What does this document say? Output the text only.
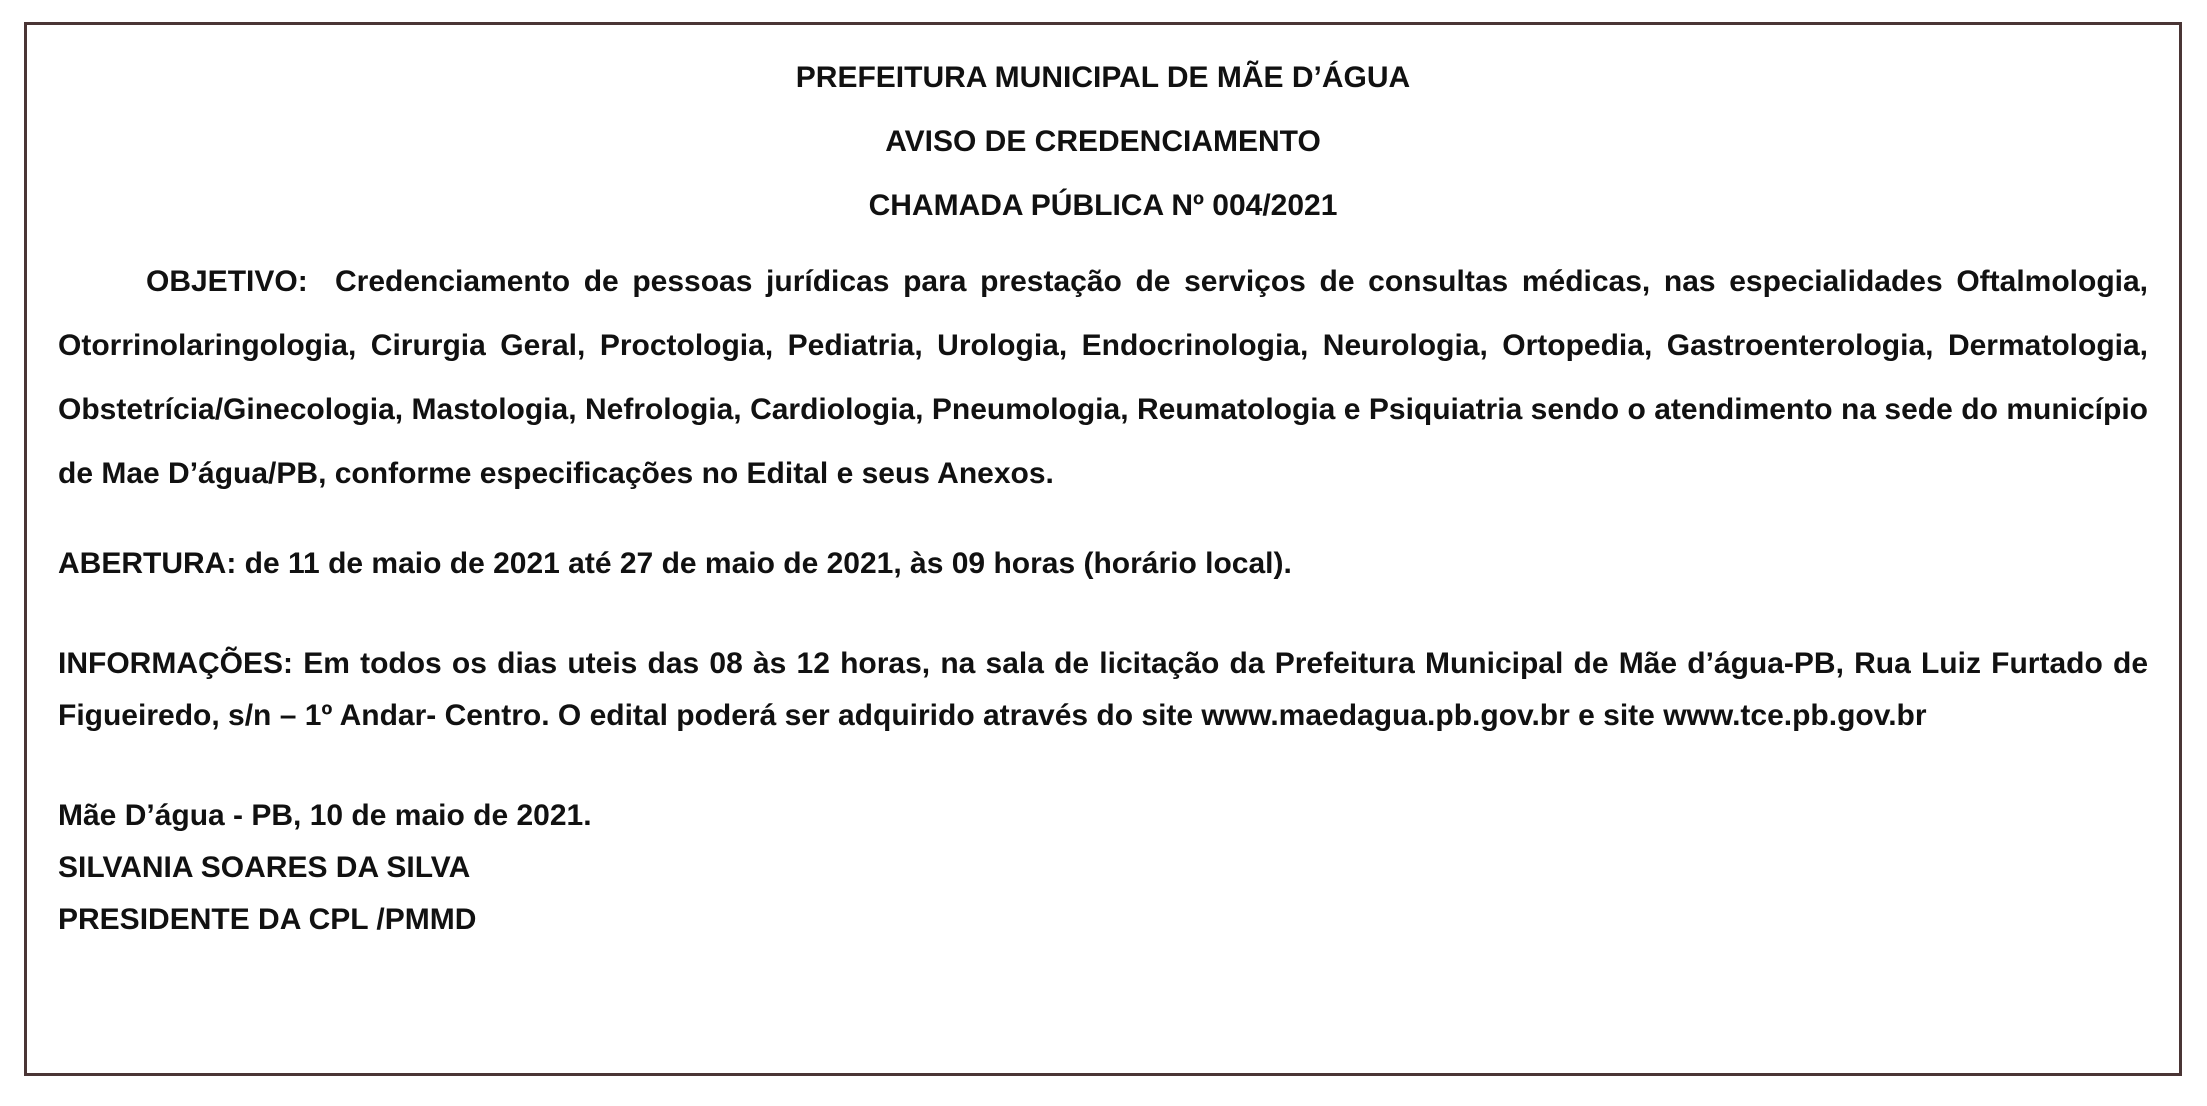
PREFEITURA MUNICIPAL DE MÃE D’ÁGUA

AVISO DE CREDENCIAMENTO

CHAMADA PÚBLICA Nº 004/2021

OBJETIVO: Credenciamento de pessoas jurídicas para prestação de serviços de consultas médicas, nas especialidades Oftalmologia, Otorrinolaringologia, Cirurgia Geral, Proctologia, Pediatria, Urologia, Endocrinologia, Neurologia, Ortopedia, Gastroenterologia, Dermatologia, Obstetrícia/Ginecologia, Mastologia, Nefrologia, Cardiologia, Pneumologia, Reumatologia e Psiquiatria sendo o atendimento na sede do município de Mae D’água/PB, conforme especificações no Edital e seus Anexos.

ABERTURA: de 11 de maio de 2021 até 27 de maio de 2021, às 09 horas (horário local).

INFORMAÇÕES: Em todos os dias uteis das 08 às 12 horas, na sala de licitação da Prefeitura Municipal de Mãe d’água-PB, Rua Luiz Furtado de Figueiredo, s/n – 1º Andar- Centro. O edital poderá ser adquirido através do site www.maedagua.pb.gov.br e site www.tce.pb.gov.br

Mãe D’água - PB, 10 de maio de 2021.

SILVANIA SOARES DA SILVA

PRESIDENTE DA CPL /PMMD
